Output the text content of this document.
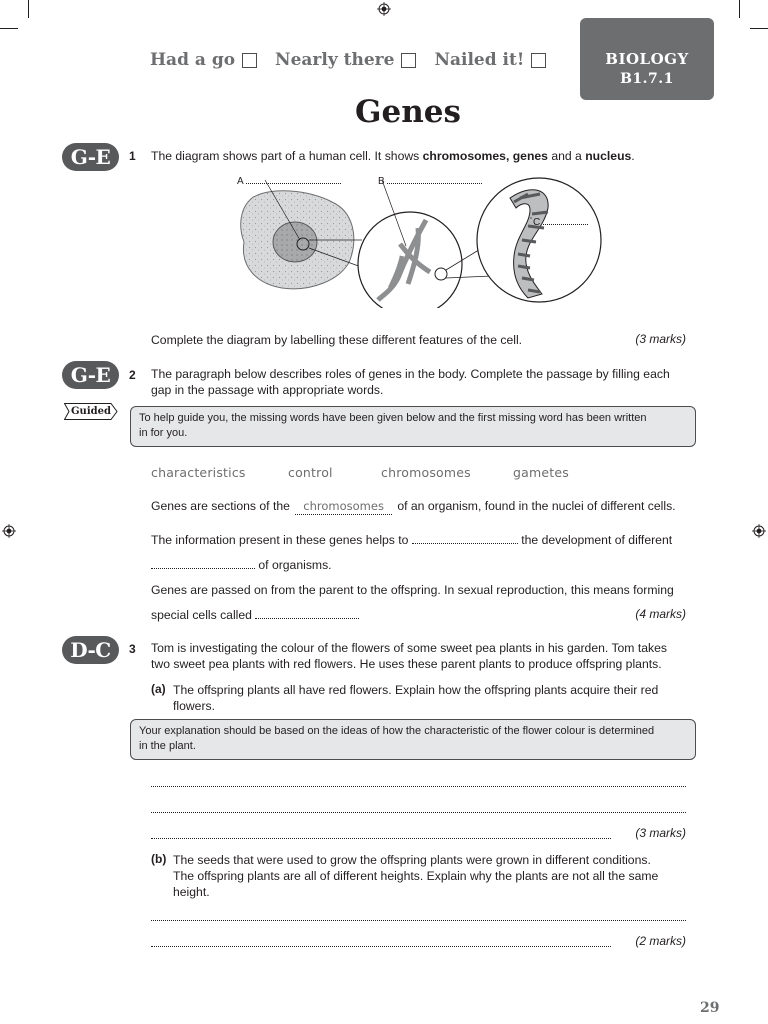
Had a go Nearly there Nailed it!	BIOLOGY
B1.7.1
Genes
G-E	1 The diagram shows part of a human cell. It shows chromosomes, genes and a nucleus.
A	B
C
Complete the diagram by labelling these different features of the cell.	(3 marks)
G-E	2 The paragraph below describes roles of genes in the body. Complete the passage by filling each
gap in the passage with appropriate words.
Guided
To help guide you, the missing words have been given below and the first missing word has been written
in for you.
characteristics	control	chromosomes	gametes
Genes are sections of the chromosomes of an organism, found in the nuclei of different cells.
The information present in these genes helps to	the development of different
of organisms.
Genes are passed on from the parent to the offspring. In sexual reproduction, this means forming
special cells called	(4 marks)
D-C	3 Tom is investigating the colour of the flowers of some sweet pea plants in his garden. Tom takes
two sweet pea plants with red flowers. He uses these parent plants to produce offspring plants.
(a) The offspring plants all have red flowers. Explain how the offspring plants acquire their red
flowers.
Your explanation should be based on the ideas of how the characteristic of the flower colour is determined
in the plant.
(3 marks)
(b) The seeds that were used to grow the offspring plants were grown in different conditions.
The offspring plants are all of different heights. Explain why the plants are not all the same
height.
(2 marks)
29
